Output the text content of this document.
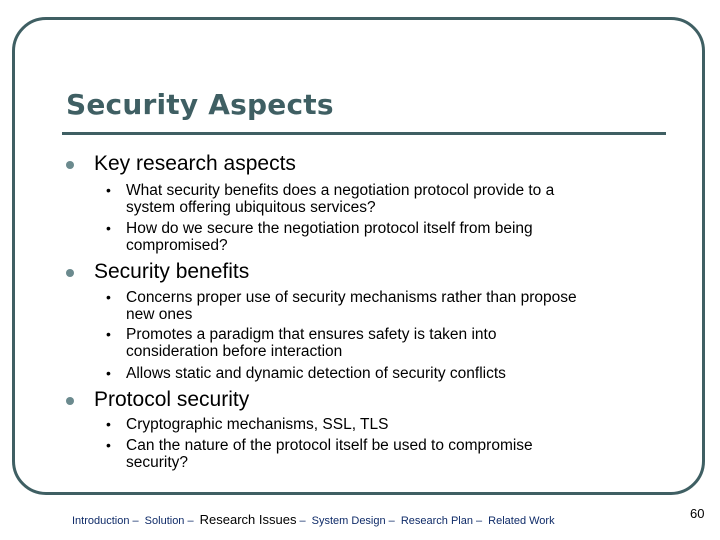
Security Aspects
Key research aspects
• What security benefits does a negotiation protocol provide to a
system offering ubiquitous services?
• How do we secure the negotiation protocol itself from being
compromised?
Security benefits
• Concerns proper use of security mechanisms rather than propose
new ones
• Promotes a paradigm that ensures safety is taken into
consideration before interaction
• Allows static and dynamic detection of security conflicts
Protocol security
• Cryptographic mechanisms, SSL, TLS
• Can the nature of the protocol itself be used to compromise
security?
Introduction – Solution – Research Issues – System Design – Research Plan – Related Work	60
